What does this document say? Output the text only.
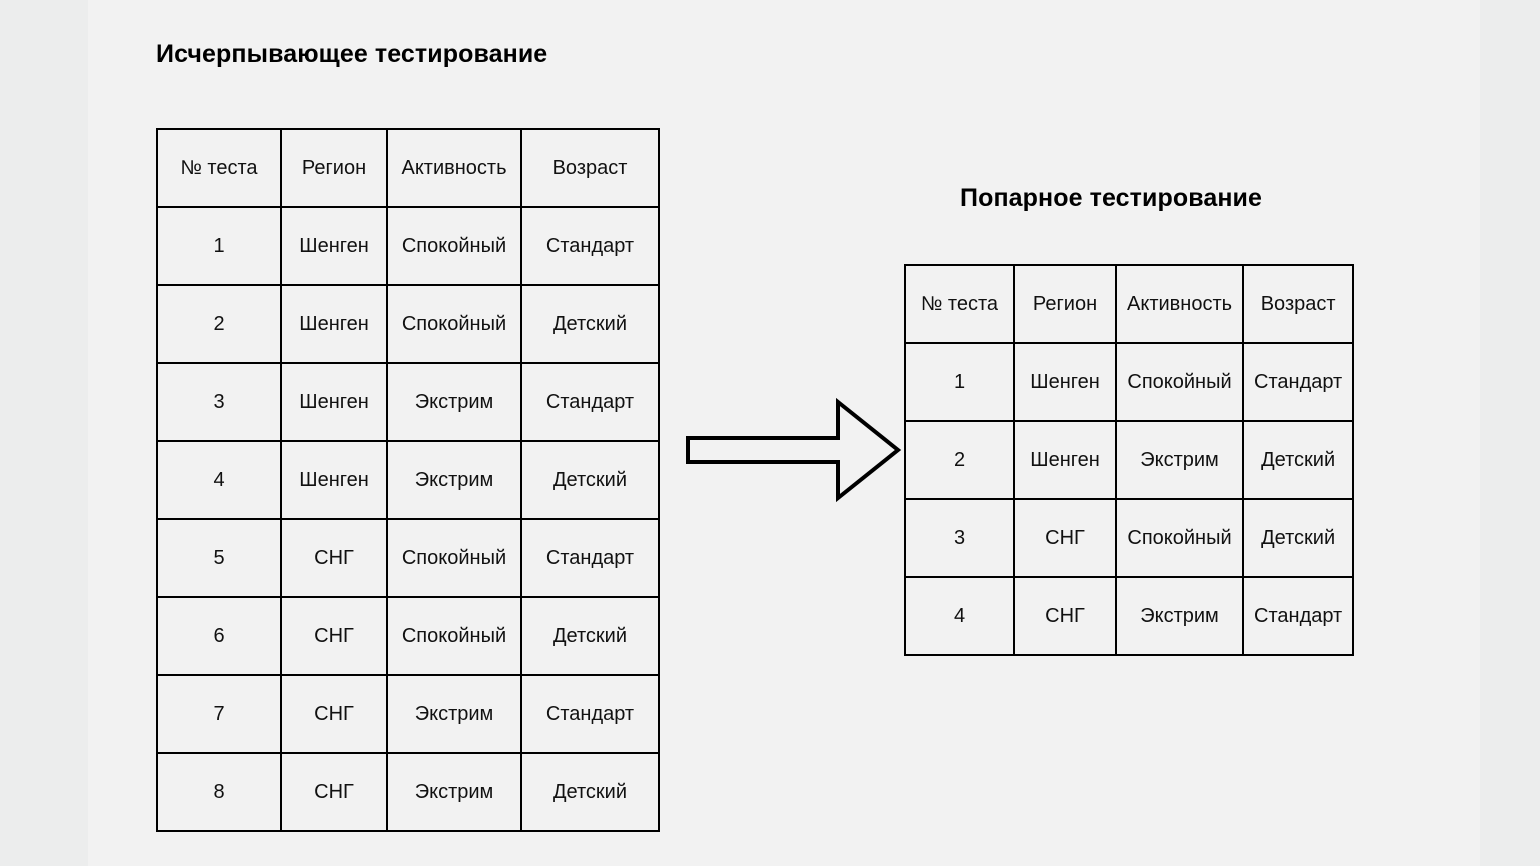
Исчерпывающее тестирование
№ теста	Регион	Активность	Возраст
1	Шенген	Спокойный	Стандарт
2	Шенген	Спокойный	Детский
3	Шенген	Экстрим	Стандарт
4	Шенген	Экстрим	Детский
5	СНГ	Спокойный	Стандарт
6	СНГ	Спокойный	Детский
7	СНГ	Экстрим	Стандарт
8	СНГ	Экстрим	Детский
Попарное тестирование
№ теста	Регион	Активность	Возраст
1	Шенген	Спокойный	Стандарт
2	Шенген	Экстрим	Детский
3	СНГ	Спокойный	Детский
4	СНГ	Экстрим	Стандарт
